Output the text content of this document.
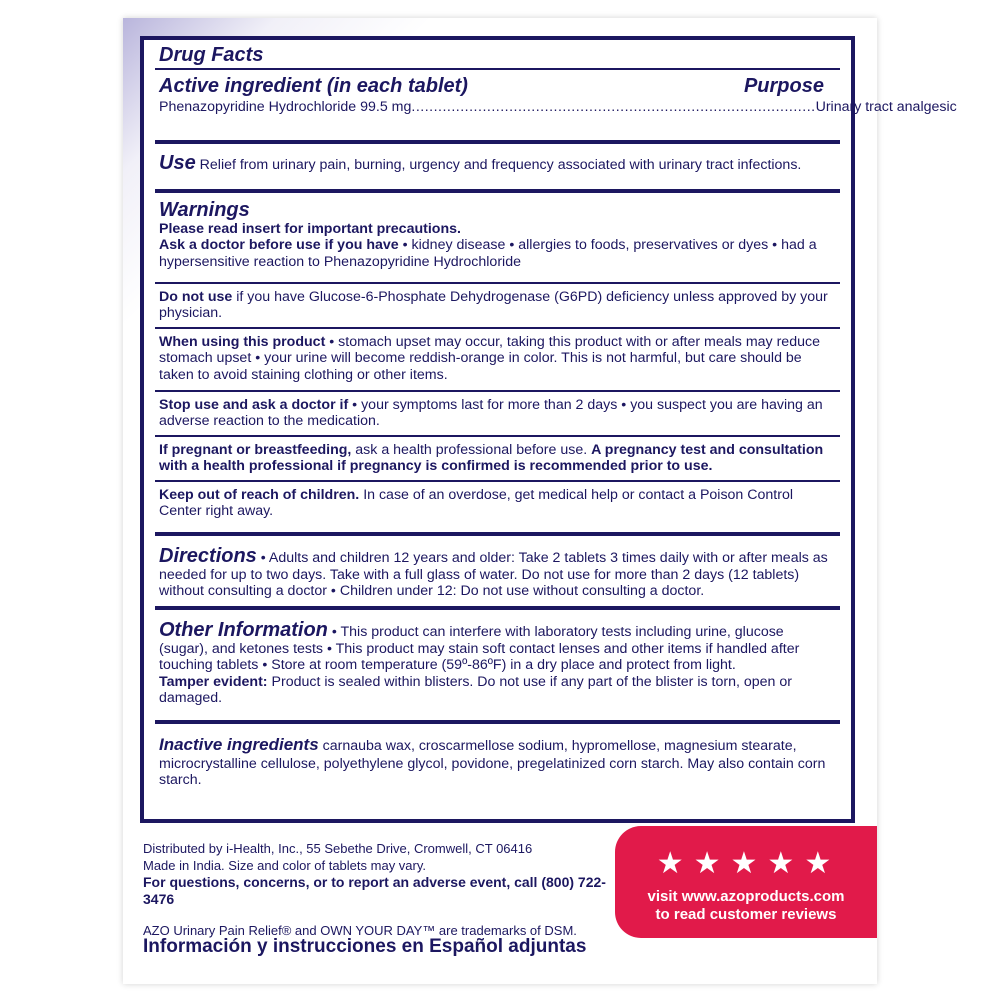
Drug Facts
Active ingredient (in each tablet)	Purpose
Phenazopyridine Hydrochloride 99.5 mg ........................................................................................... Urinary tract analgesic
Use Relief from urinary pain, burning, urgency and frequency associated with urinary tract infections.
Warnings
Please read insert for important precautions.
Ask a doctor before use if you have • kidney disease • allergies to foods, preservatives or dyes • had a hypersensitive reaction to Phenazopyridine Hydrochloride
Do not use if you have Glucose-6-Phosphate Dehydrogenase (G6PD) deficiency unless approved by your physician.
When using this product • stomach upset may occur, taking this product with or after meals may reduce stomach upset • your urine will become reddish-orange in color. This is not harmful, but care should be taken to avoid staining clothing or other items.
Stop use and ask a doctor if • your symptoms last for more than 2 days • you suspect you are having an adverse reaction to the medication.
If pregnant or breastfeeding, ask a health professional before use. A pregnancy test and consultation with a health professional if pregnancy is confirmed is recommended prior to use.
Keep out of reach of children. In case of an overdose, get medical help or contact a Poison Control Center right away.
Directions • Adults and children 12 years and older: Take 2 tablets 3 times daily with or after meals as needed for up to two days. Take with a full glass of water. Do not use for more than 2 days (12 tablets) without consulting a doctor • Children under 12: Do not use without consulting a doctor.
Other Information • This product can interfere with laboratory tests including urine, glucose (sugar), and ketones tests • This product may stain soft contact lenses and other items if handled after touching tablets • Store at room temperature (59º-86ºF) in a dry place and protect from light.
Tamper evident: Product is sealed within blisters. Do not use if any part of the blister is torn, open or damaged.
Inactive ingredients carnauba wax, croscarmellose sodium, hypromellose, magnesium stearate, microcrystalline cellulose, polyethylene glycol, povidone, pregelatinized corn starch. May also contain corn starch.
Distributed by i-Health, Inc., 55 Sebethe Drive, Cromwell, CT 06416
Made in India. Size and color of tablets may vary.
For questions, concerns, or to report an adverse event, call (800) 722-3476
AZO Urinary Pain Relief® and OWN YOUR DAY™ are trademarks of DSM.
Información y instrucciones en Español adjuntas
★★★★★
visit www.azoproducts.com
to read customer reviews
